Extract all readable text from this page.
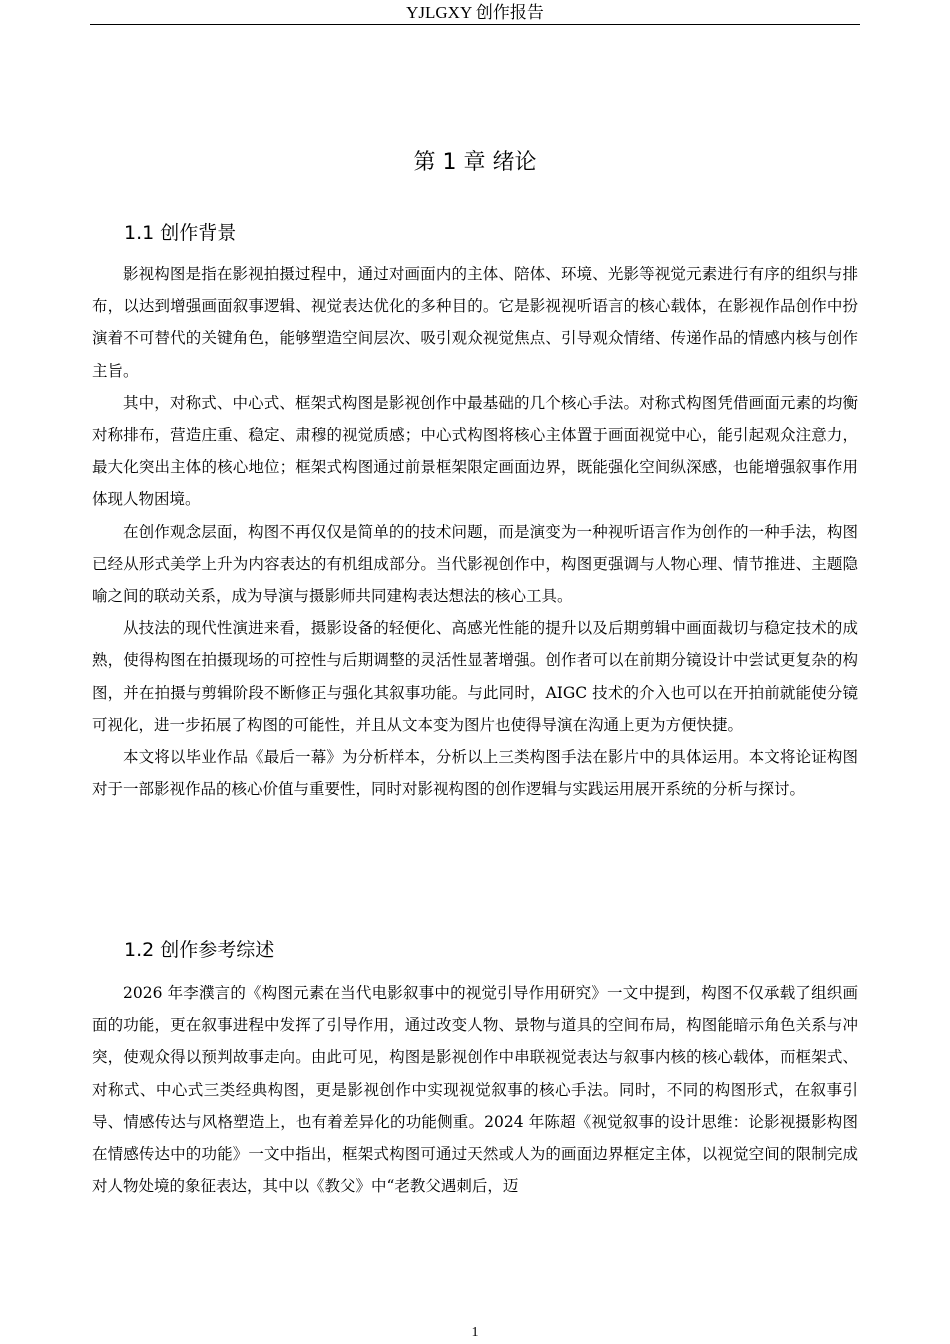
YJLGXY 创作报告
第 1 章 绪论
1.1 创作背景

影视构图是指在影视拍摄过程中，通过对画面内的主体、陪体、环境、光影等视觉元素进行有序的组织与排布，以达到增强画面叙事逻辑、视觉表达优化的多种目的。它是影视视听语言的核心载体，在影视作品创作中扮演着不可替代的关键角色，能够塑造空间层次、吸引观众视觉焦点、引导观众情绪、传递作品的情感内核与创作主旨。

其中，对称式、中心式、框架式构图是影视创作中最基础的几个核心手法。对称式构图凭借画面元素的均衡对称排布，营造庄重、稳定、肃穆的视觉质感；中心式构图将核心主体置于画面视觉中心，能引起观众注意力，最大化突出主体的核心地位；框架式构图通过前景框架限定画面边界，既能强化空间纵深感，也能增强叙事作用体现人物困境。

在创作观念层面，构图不再仅仅是简单的的技术问题，而是演变为一种视听语言作为创作的一种手法，构图已经从形式美学上升为内容表达的有机组成部分。当代影视创作中，构图更强调与人物心理、情节推进、主题隐喻之间的联动关系，成为导演与摄影师共同建构表达想法的核心工具。

从技法的现代性演进来看，摄影设备的轻便化、高感光性能的提升以及后期剪辑中画面裁切与稳定技术的成熟，使得构图在拍摄现场的可控性与后期调整的灵活性显著增强。创作者可以在前期分镜设计中尝试更复杂的构图，并在拍摄与剪辑阶段不断修正与强化其叙事功能。与此同时，AIGC 技术的介入也可以在开拍前就能使分镜可视化，进一步拓展了构图的可能性，并且从文本变为图片也使得导演在沟通上更为方便快捷。

本文将以毕业作品《最后一幕》为分析样本，分析以上三类构图手法在影片中的具体运用。本文将论证构图对于一部影视作品的核心价值与重要性，同时对影视构图的创作逻辑与实践运用展开系统的分析与探讨。

1.2 创作参考综述

2026 年李濮言的《构图元素在当代电影叙事中的视觉引导作用研究》一文中提到，构图不仅承载了组织画面的功能，更在叙事进程中发挥了引导作用，通过改变人物、景物与道具的空间布局，构图能暗示角色关系与冲突，使观众得以预判故事走向。由此可见，构图是影视创作中串联视觉表达与叙事内核的核心载体，而框架式、对称式、中心式三类经典构图，更是影视创作中实现视觉叙事的核心手法。同时，不同的构图形式，在叙事引导、情感传达与风格塑造上，也有着差异化的功能侧重。2024 年陈超《视觉叙事的设计思维：论影视摄影构图在情感传达中的功能》一文中指出，框架式构图可通过天然或人为的画面边界框定主体，以视觉空间的限制完成对人物处境的象征表达，其中以《教父》中“老教父遇刺后，迈

1
